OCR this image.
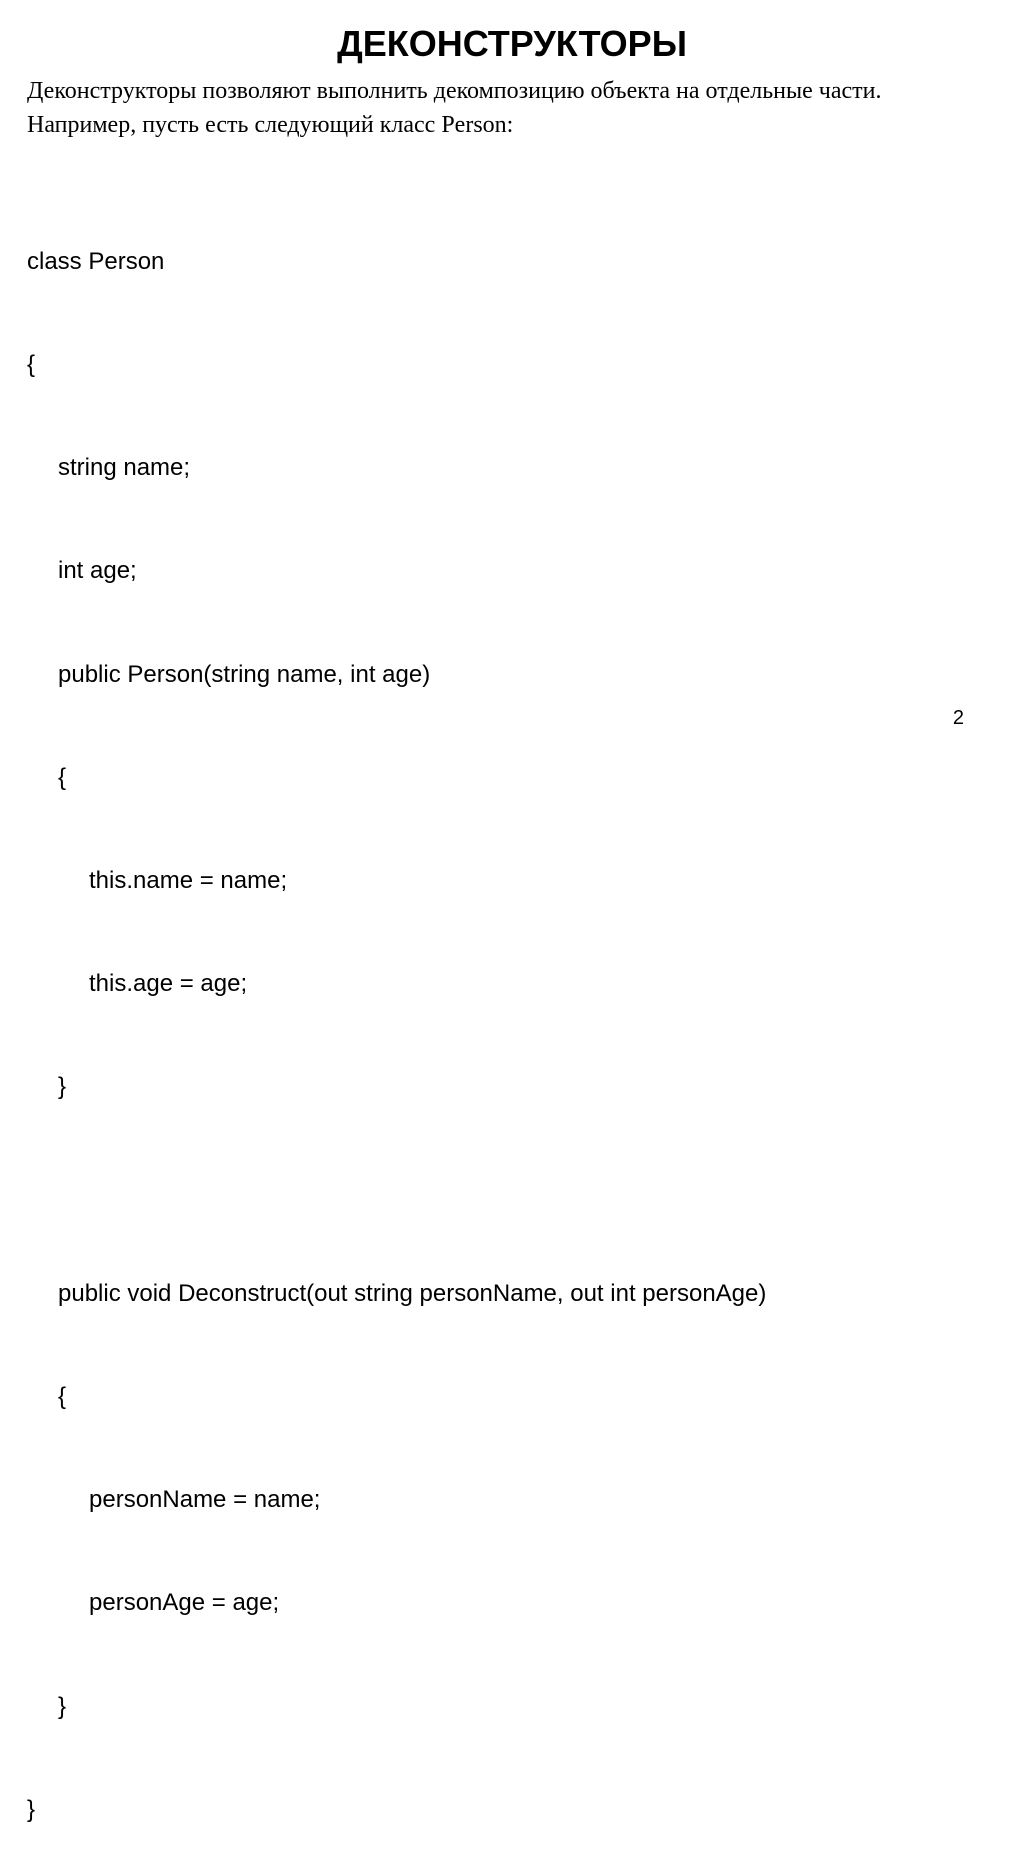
ДЕКОНСТРУКТОРЫ

Деконструкторы позволяют выполнить декомпозицию объекта на отдельные части.

Например, пусть есть следующий класс Person:

class Person

{

string name;

int age;

public Person(string name, int age)

{

this.name = name;

this.age = age;

}

public void Deconstruct(out string personName, out int personAge)

{

personName = name;

personAge = age;

}

}

2
